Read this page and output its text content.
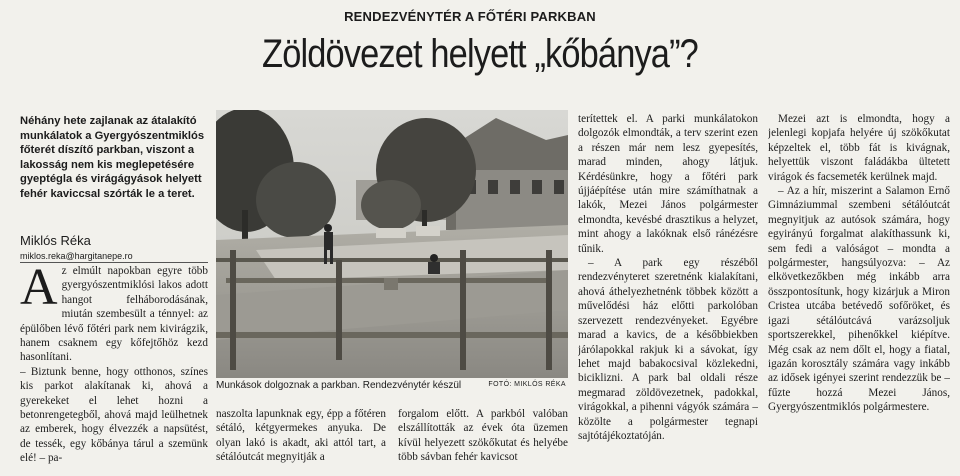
RENDEZVÉNYTÉR A FŐTÉRI PARKBAN
Zöldövezet helyett „kőbánya”?
Néhány hete zajlanak az átalakító munkálatok a Gyergyószentmiklós főterét díszítő parkban, viszont a lakosság nem kis meglepetésére gyeptégla és virágágyások helyett fehér kaviccsal szórták le a teret.
Miklós Réka
miklos.reka@hargitanepe.ro
A z elmúlt napokban egyre több gyergyószentmiklósi lakos adott hangot felháborodásának, miután szembesült a ténnyel: az épülőben lévő főtéri park nem kivirágzik, hanem csaknem egy kőfejtőhöz kezd hasonlítani.

– Biztunk benne, hogy otthonos, színes kis parkot alakítanak ki, ahová a gyerekeket el lehet hozni a betonrengetegből, ahová majd leülhetnek az emberek, hogy élvezzék a napsütést, de tessék, egy kőbánya tárul a szemünk elé! – pa-

Munkások dolgoznak a parkban. Rendezvénytér készül	FOTÓ: MIKLÓS RÉKA

naszolta lapunknak egy, épp a főtéren sétáló, kétgyermekes anyuka. De olyan lakó is akadt, aki attól tart, a sétálóutcát megnyitják a

forgalom előtt. A parkból valóban elszállították az évek óta üzemen kívül helyezett szökőkutat és helyébe több sávban fehér kavicsot

terítettek el. A parki munkálatokon dolgozók elmondták, a terv szerint ezen a részen már nem lesz gyepesítés, marad minden, ahogy látjuk. Kérdésünkre, hogy a főtéri park újjáépítése után mire számíthatnak a lakók, Mezei János polgármester elmondta, kevésbé drasztikus a helyzet, mint ahogy a lakóknak első ránézésre tűnik.

– A park egy részéből rendezvényteret szeretnénk kialakítani, ahová áthelyezhetnénk többek között a művelődési ház előtti parkolóban szervezett rendezvényeket. Egyébre marad a kavics, de a későbbiekben járólapokkal rakjuk ki a sávokat, így lehet majd babakocsival közlekedni, biciklizni. A park bal oldali része megmarad zöldövezetnek, padokkal, virágokkal, a pihenni vágyók számára – közölte a polgármester tegnapi sajtótájékoztatóján.

Mezei azt is elmondta, hogy a jelenlegi kopjafa helyére új szökőkutat képzeltek el, több fát is kivágnak, helyettük viszont faládákba ültetett virágok és facsemeték kerülnek majd.

– Az a hír, miszerint a Salamon Ernő Gimnáziummal szembeni sétálóutcát megnyitjuk az autósok számára, hogy egyirányú forgalmat alakíthassunk ki, sem fedi a valóságot – mondta a polgármester, hangsúlyozva: – Az elkövetkezőkben még inkább arra összpontosítunk, hogy kizárjuk a Miron Cristea utcába betévedő sofőröket, és igazi sétálóutcává varázsoljuk sportszerekkel, pihenőkkel kiépítve. Még csak az nem dőlt el, hogy a fiatal, igazán korosztály számára vagy inkább az idősek igényei szerint rendezzük be – fűzte hozzá Mezei János, Gyergyószentmiklós polgármestere.
